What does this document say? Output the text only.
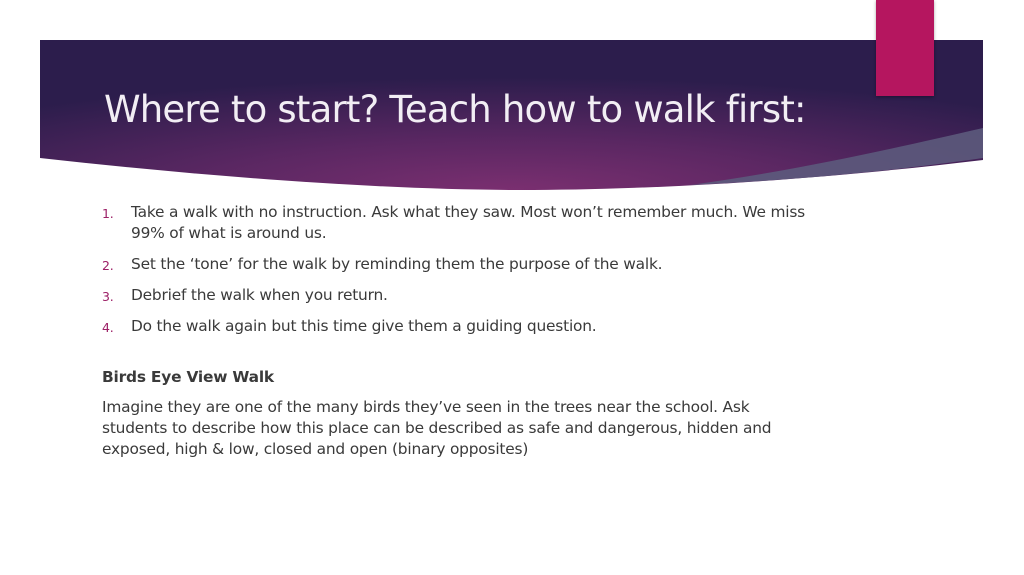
Where to start? Teach how to walk first:
1. Take a walk with no instruction. Ask what they saw. Most won’t remember much. We miss 99% of what is around us.
2. Set the ‘tone’ for the walk by reminding them the purpose of the walk.
3. Debrief the walk when you return.
4. Do the walk again but this time give them a guiding question.

Birds Eye View Walk

Imagine they are one of the many birds they’ve seen in the trees near the school. Ask students to describe how this place can be described as safe and dangerous, hidden and exposed, high & low, closed and open (binary opposites)
